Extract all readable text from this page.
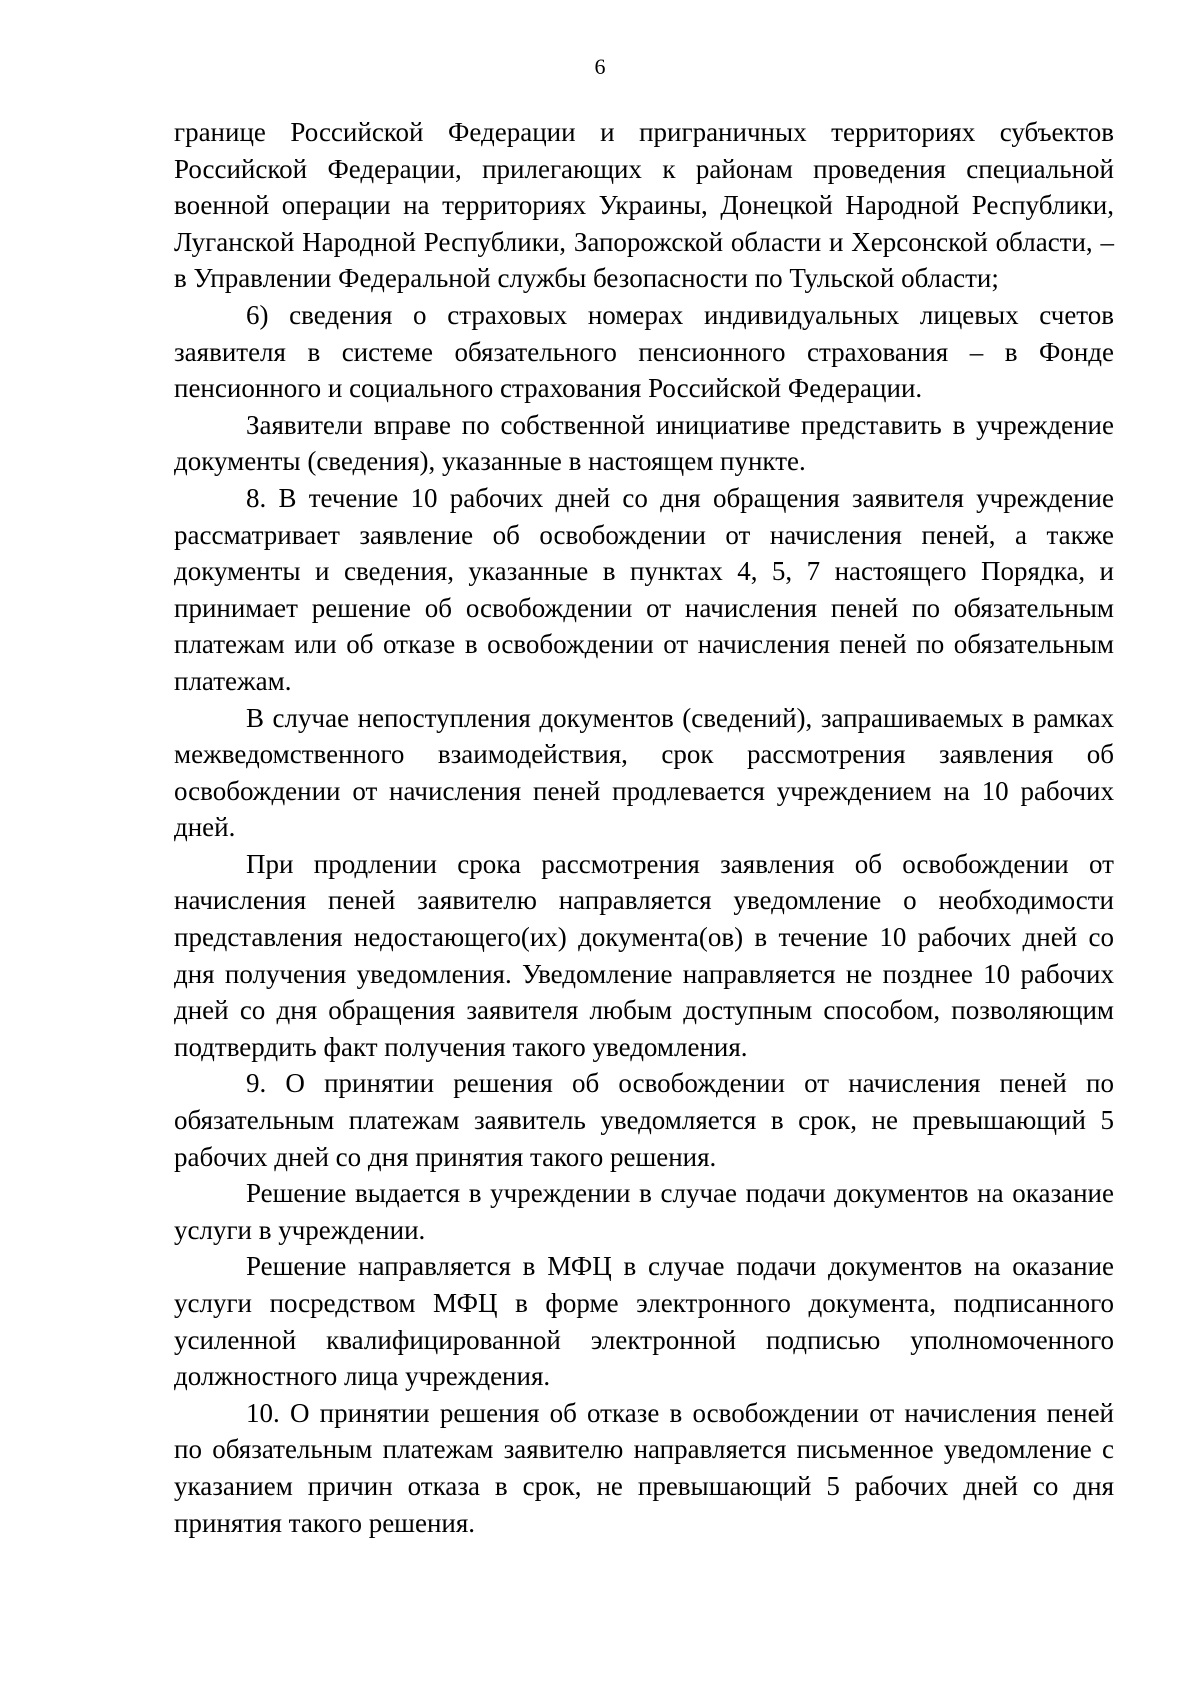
6

границе Российской Федерации и приграничных территориях субъектов Российской Федерации, прилегающих к районам проведения специальной военной операции на территориях Украины, Донецкой Народной Республики, Луганской Народной Республики, Запорожской области и Херсонской области, – в Управлении Федеральной службы безопасности по Тульской области;

6) сведения о страховых номерах индивидуальных лицевых счетов заявителя в системе обязательного пенсионного страхования – в Фонде пенсионного и социального страхования Российской Федерации.

Заявители вправе по собственной инициативе представить в учреждение документы (сведения), указанные в настоящем пункте.

8. В течение 10 рабочих дней со дня обращения заявителя учреждение рассматривает заявление об освобождении от начисления пеней, а также документы и сведения, указанные в пунктах 4, 5, 7 настоящего Порядка, и принимает решение об освобождении от начисления пеней по обязательным платежам или об отказе в освобождении от начисления пеней по обязательным платежам.

В случае непоступления документов (сведений), запрашиваемых в рамках межведомственного взаимодействия, срок рассмотрения заявления об освобождении от начисления пеней продлевается учреждением на 10 рабочих дней.

При продлении срока рассмотрения заявления об освобождении от начисления пеней заявителю направляется уведомление о необходимости представления недостающего(их) документа(ов) в течение 10 рабочих дней со дня получения уведомления. Уведомление направляется не позднее 10 рабочих дней со дня обращения заявителя любым доступным способом, позволяющим подтвердить факт получения такого уведомления.

9. О принятии решения об освобождении от начисления пеней по обязательным платежам заявитель уведомляется в срок, не превышающий 5 рабочих дней со дня принятия такого решения.

Решение выдается в учреждении в случае подачи документов на оказание услуги в учреждении.

Решение направляется в МФЦ в случае подачи документов на оказание услуги посредством МФЦ в форме электронного документа, подписанного усиленной квалифицированной электронной подписью уполномоченного должностного лица учреждения.

10. О принятии решения об отказе в освобождении от начисления пеней по обязательным платежам заявителю направляется письменное уведомление с указанием причин отказа в срок, не превышающий 5 рабочих дней со дня принятия такого решения.
